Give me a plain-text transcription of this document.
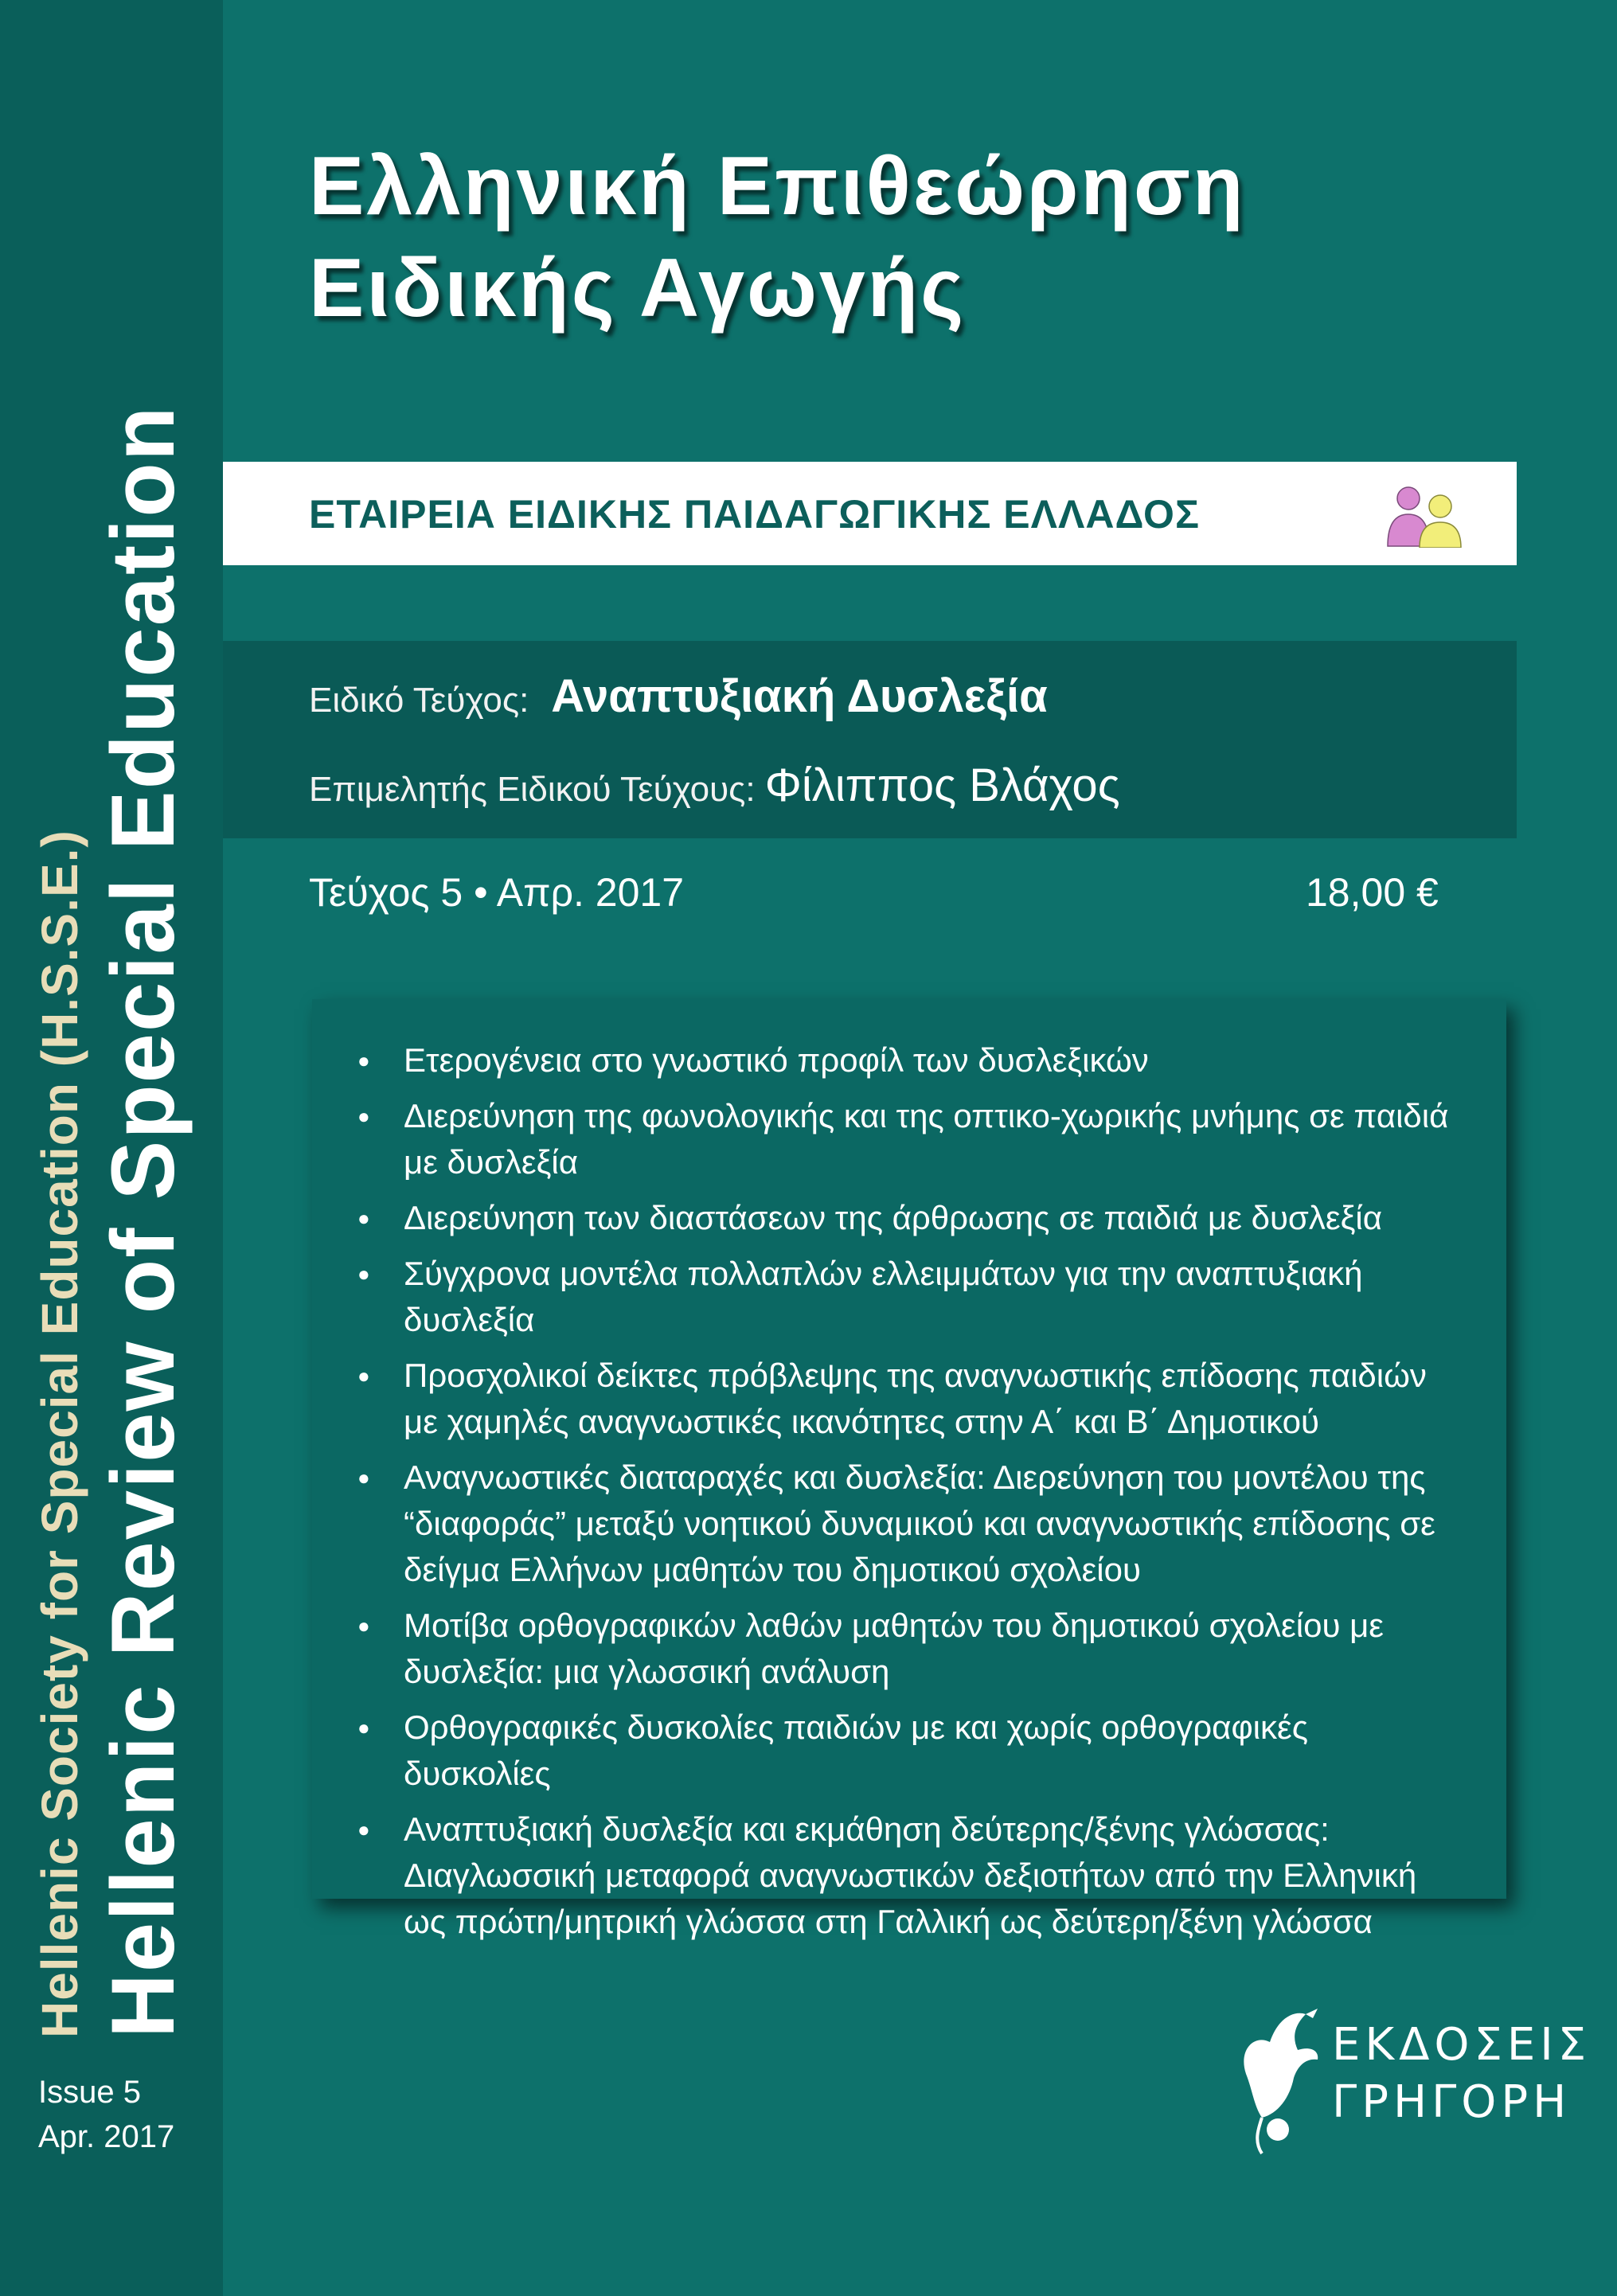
Hellenic Society for Special Education (H.S.S.E.) Hellenic Review of Special Education
Issue 5
Apr. 2017
Ελληνική Επιθεώρηση
Ειδικής Αγωγής
ΕΤΑΙΡΕΙΑ ΕΙΔΙΚΗΣ ΠΑΙΔΑΓΩΓΙΚΗΣ ΕΛΛΑΔΟΣ
Ειδικό Τεύχος: Αναπτυξιακή Δυσλεξία
Επιμελητής Ειδικού Τεύχους: Φίλιππος Βλάχος
Τεύχος 5 • Απρ. 2017	18,00 €
● Ετερογένεια στο γνωστικό προφίλ των δυσλεξικών
● Διερεύνηση της φωνολογικής και της οπτικο-χωρικής μνήμης σε παιδιά με δυσλεξία
● Διερεύνηση των διαστάσεων της άρθρωσης σε παιδιά με δυσλεξία
● Σύγχρονα μοντέλα πολλαπλών ελλειμμάτων για την αναπτυξιακή δυσλεξία
● Προσχολικοί δείκτες πρόβλεψης της αναγνωστικής επίδοσης παιδιών με χαμηλές αναγνωστικές ικανότητες στην Α΄ και Β΄ Δημοτικού
● Αναγνωστικές διαταραχές και δυσλεξία: Διερεύνηση του μοντέλου της “διαφοράς” μεταξύ νοητικού δυναμικού και αναγνωστικής επίδοσης σε δείγμα Ελλήνων μαθητών του δημοτικού σχολείου
● Μοτίβα ορθογραφικών λαθών μαθητών του δημοτικού σχολείου με δυσλεξία: μια γλωσσική ανάλυση
● Ορθογραφικές δυσκολίες παιδιών με και χωρίς ορθογραφικές δυσκολίες
● Αναπτυξιακή δυσλεξία και εκμάθηση δεύτερης/ξένης γλώσσας: Διαγλωσσική μεταφορά αναγνωστικών δεξιοτήτων από την Ελληνική ως πρώτη/μητρική γλώσσα στη Γαλλική ως δεύτερη/ξένη γλώσσα
ΕΚΔΟΣΕΙΣ
ΓΡΗΓΟΡΗ
